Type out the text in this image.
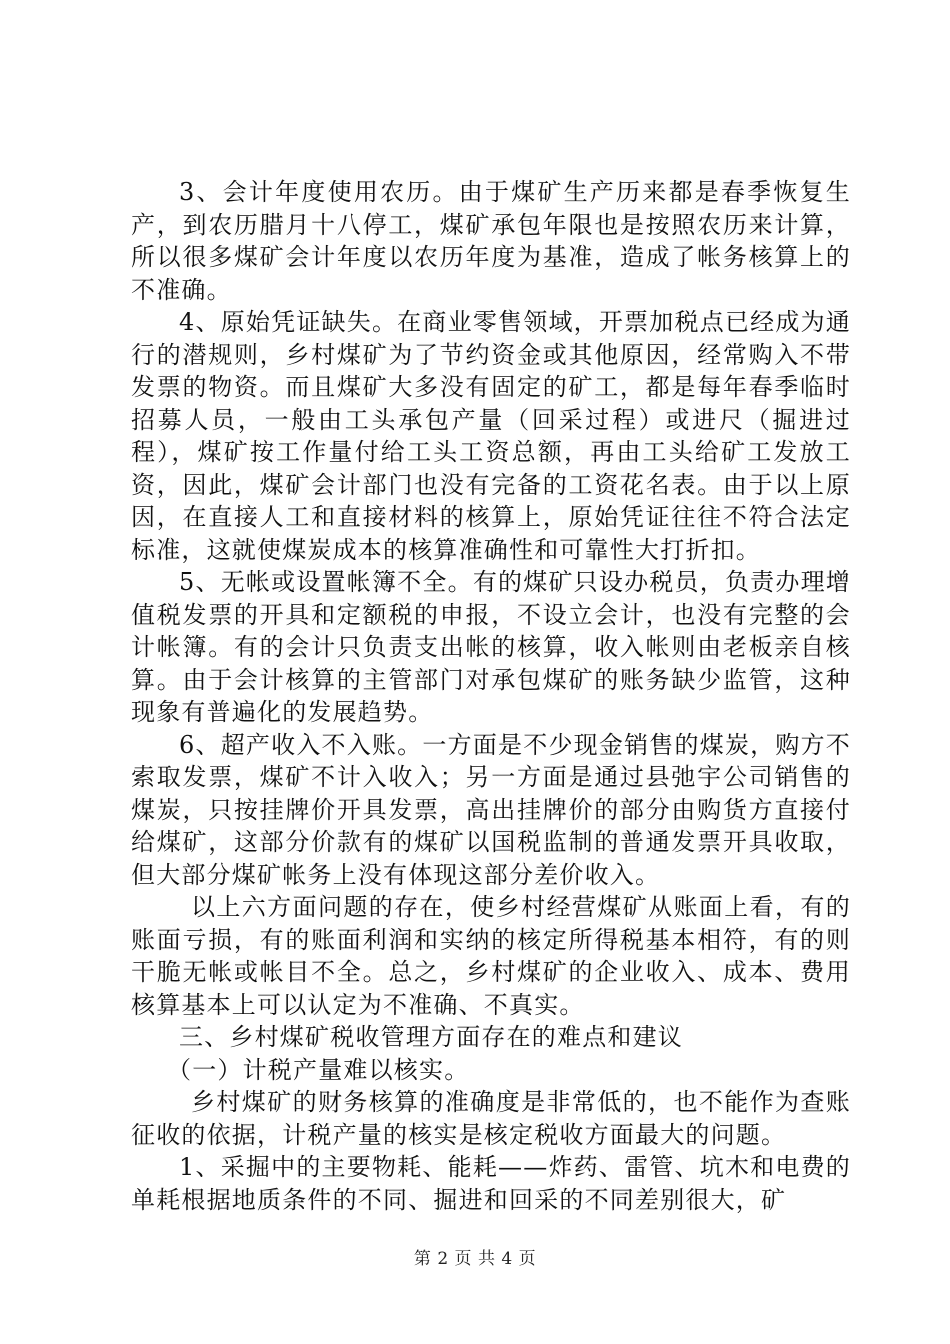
3、会计年度使用农历。由于煤矿生产历来都是春季恢复生产，到农历腊月十八停工，煤矿承包年限也是按照农历来计算，所以很多煤矿会计年度以农历年度为基准，造成了帐务核算上的不准确。

4、原始凭证缺失。在商业零售领域，开票加税点已经成为通行的潜规则，乡村煤矿为了节约资金或其他原因，经常购入不带发票的物资。而且煤矿大多没有固定的矿工，都是每年春季临时招募人员，一般由工头承包产量（回采过程）或进尺（掘进过程），煤矿按工作量付给工头工资总额，再由工头给矿工发放工资，因此，煤矿会计部门也没有完备的工资花名表。由于以上原因，在直接人工和直接材料的核算上，原始凭证往往不符合法定标准，这就使煤炭成本的核算准确性和可靠性大打折扣。

5、无帐或设置帐簿不全。有的煤矿只设办税员，负责办理增值税发票的开具和定额税的申报，不设立会计，也没有完整的会计帐簿。有的会计只负责支出帐的核算，收入帐则由老板亲自核算。由于会计核算的主管部门对承包煤矿的账务缺少监管，这种现象有普遍化的发展趋势。

6、超产收入不入账。一方面是不少现金销售的煤炭，购方不索取发票，煤矿不计入收入；另一方面是通过县弛宇公司销售的煤炭，只按挂牌价开具发票，高出挂牌价的部分由购货方直接付给煤矿，这部分价款有的煤矿以国税监制的普通发票开具收取，但大部分煤矿帐务上没有体现这部分差价收入。

以上六方面问题的存在，使乡村经营煤矿从账面上看，有的账面亏损，有的账面利润和实纳的核定所得税基本相符，有的则干脆无帐或帐目不全。总之，乡村煤矿的企业收入、成本、费用核算基本上可以认定为不准确、不真实。

三、乡村煤矿税收管理方面存在的难点和建议

（一）计税产量难以核实。

乡村煤矿的财务核算的准确度是非常低的，也不能作为查账征收的依据，计税产量的核实是核定税收方面最大的问题。

1、采掘中的主要物耗、能耗——炸药、雷管、坑木和电费的单耗根据地质条件的不同、掘进和回采的不同差别很大，矿

第 2 页 共 4 页
